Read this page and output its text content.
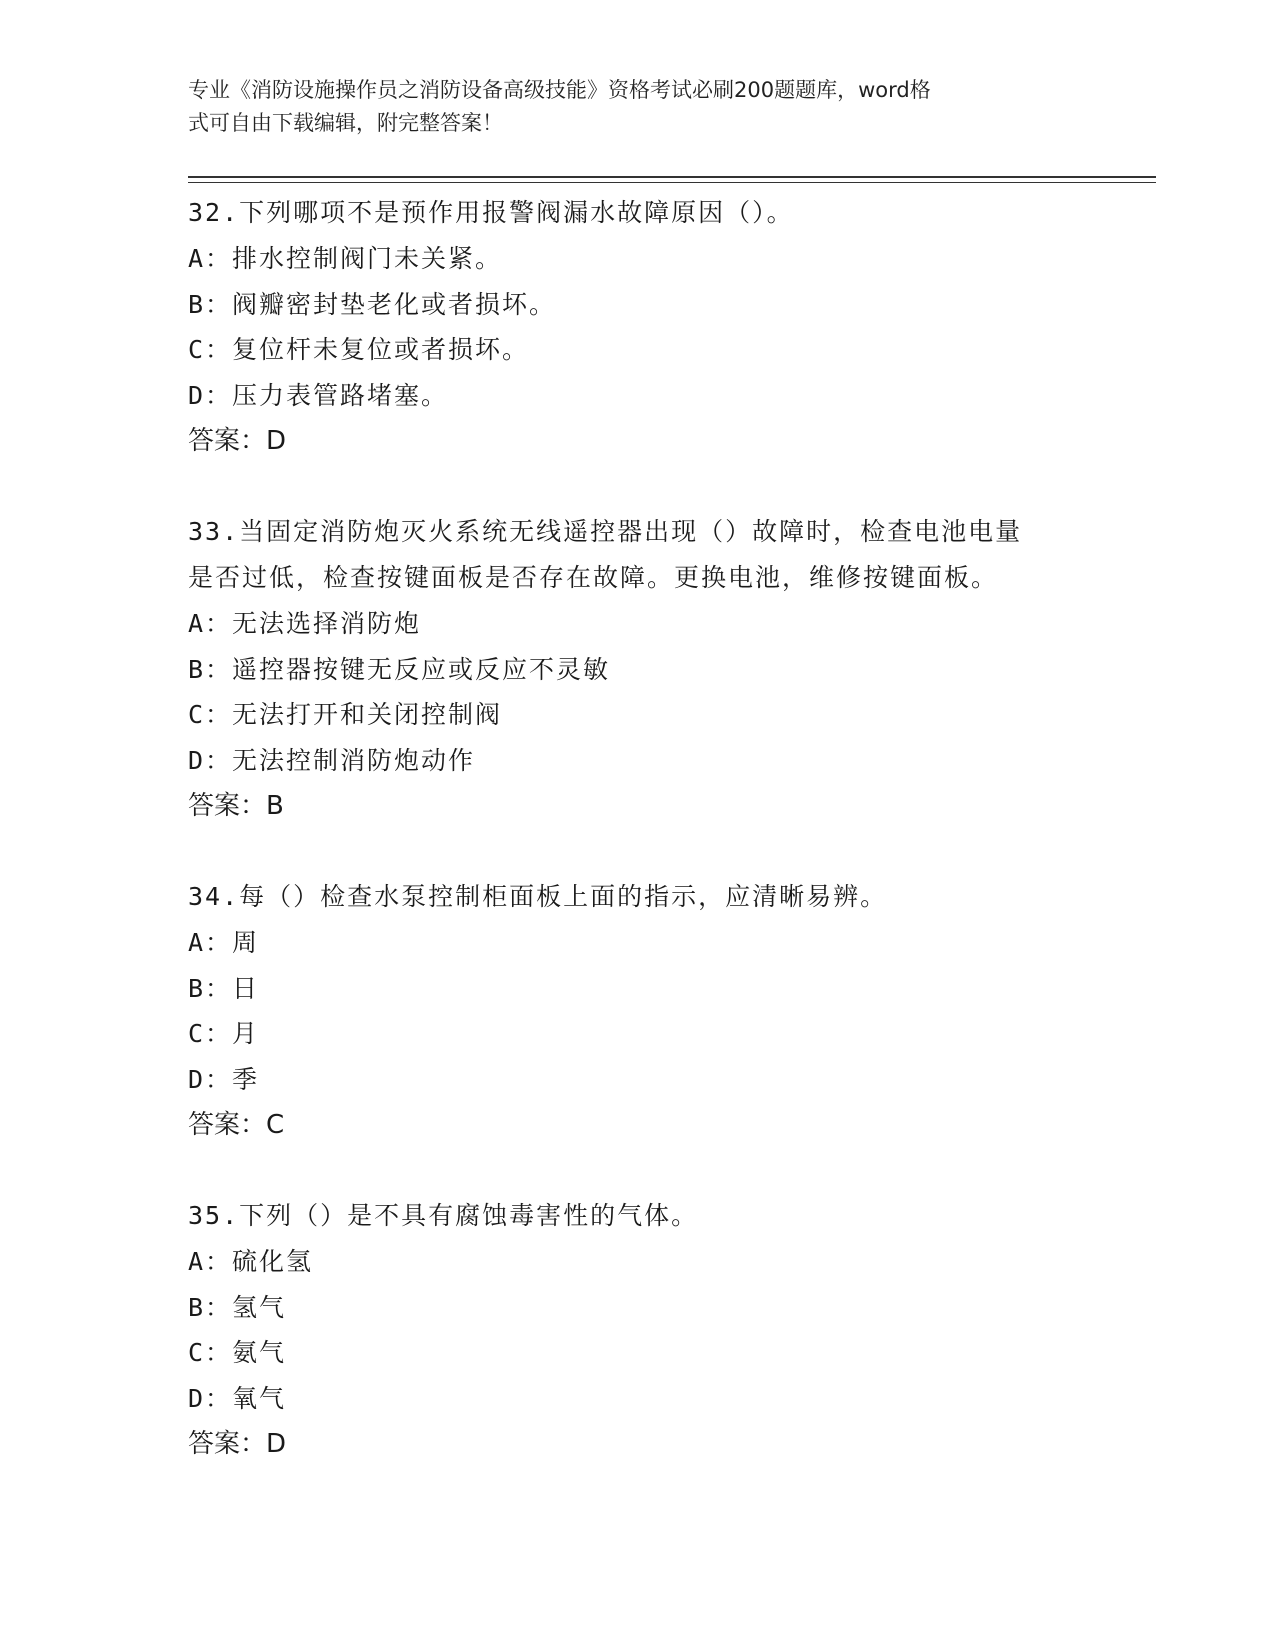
专业《消防设施操作员之消防设备高级技能》资格考试必刷200题题库，word格
式可自由下载编辑，附完整答案！

32.下列哪项不是预作用报警阀漏水故障原因（）。

A：排水控制阀门未关紧。

B：阀瓣密封垫老化或者损坏。

C：复位杆未复位或者损坏。

D：压力表管路堵塞。

答案：D

33.当固定消防炮灭火系统无线遥控器出现（）故障时，检查电池电量

是否过低，检查按键面板是否存在故障。更换电池，维修按键面板。

A：无法选择消防炮

B：遥控器按键无反应或反应不灵敏

C：无法打开和关闭控制阀

D：无法控制消防炮动作

答案：B

34.每（）检查水泵控制柜面板上面的指示，应清晰易辨。

A：周

B：日

C：月

D：季

答案：C

35.下列（）是不具有腐蚀毒害性的气体。

A：硫化氢

B：氢气

C：氨气

D：氧气

答案：D
